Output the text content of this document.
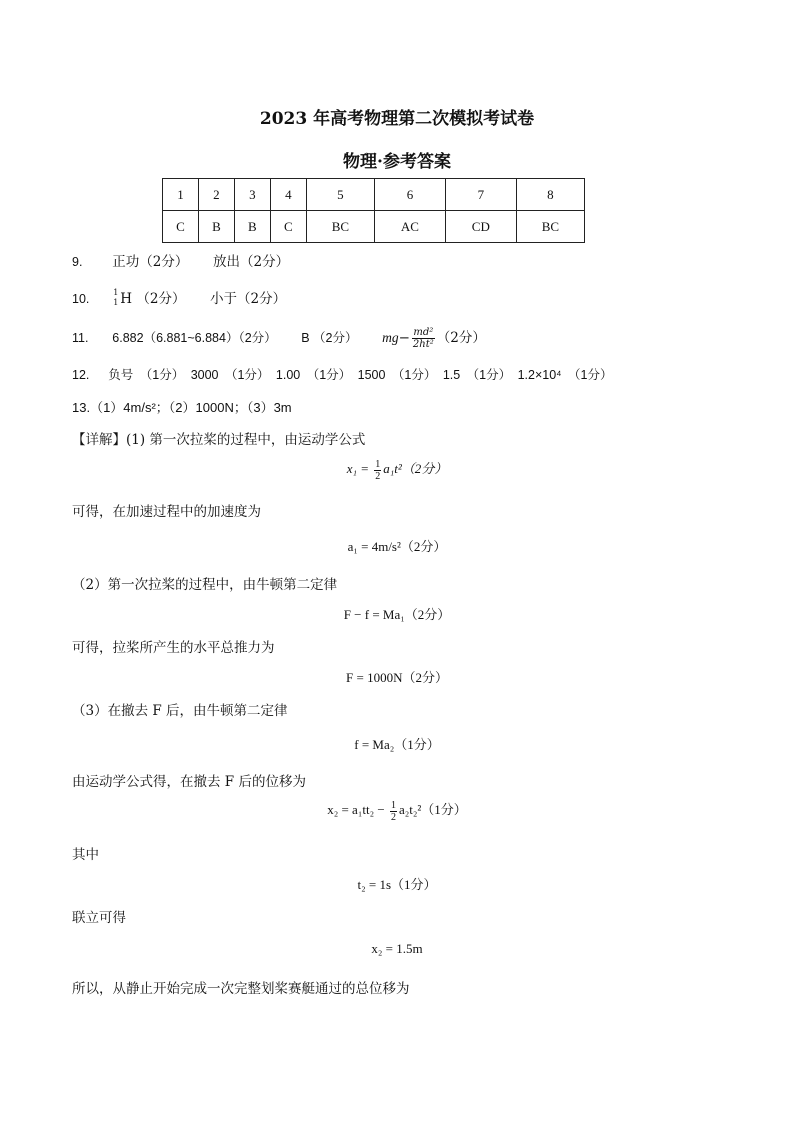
2023 年高考物理第二次模拟考试卷
物理·参考答案
1	2	3	4	5	6	7	8
C	B	B	C	BC	AC	CD	BC
9. 正功（2分） 放出（2分）
10.	1
1 H （2分） 小于（2分）
11. 6.882（6.881~6.884）（2分） B （2分） $mg- \frac{\text{md²}}{\text{2ht²}} (2$分）
12. 负号 （1分） 3000 （1分） 1.00 （1分） 1500 （1分） 1.5 （1分） 1.2×10⁴ （1分）
13.（1）4m/s²；（2）1000N；（3）3m
【详解】(1) 第一次拉桨的过程中，由运动学公式
$x_1 = \frac{1}{2} a_1t^2(2$分）
可得，在加速过程中的加速度为
a₁ = 4m/s²（2分）
（2）第一次拉桨的过程中，由牛顿第二定律
F − f = Ma₁（2分）
可得，拉桨所产生的水平总推力为
F = 1000N（2分）
（3）在撤去 F 后，由牛顿第二定律
f = Ma₂（1分）
由运动学公式得，在撤去 F 后的位移为
$x_2 = a_1tt_2 - \frac{1}{2} a_2t_2^2(1$分）
其中
t₂ = 1s（1分）
联立可得
x₂ = 1.5m
所以，从静止开始完成一次完整划桨赛艇通过的总位移为
